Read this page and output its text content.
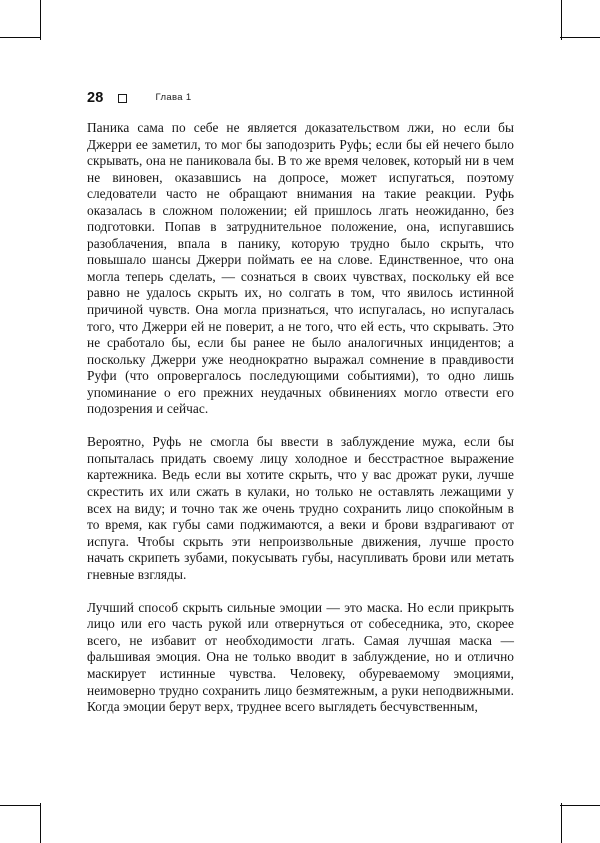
28	Глава 1

Паника сама по себе не является доказательством лжи, но если бы Джерри ее заметил, то мог бы заподозрить Руфь; если бы ей нечего было скрывать, она не паниковала бы. В то же время человек, который ни в чем не виновен, оказавшись на допросе, может испугаться, поэтому следователи часто не обращают внимания на такие реакции. Руфь оказалась в сложном положении; ей пришлось лгать неожиданно, без подготовки. Попав в затруднительное положение, она, испугавшись разоблачения, впала в панику, которую трудно было скрыть, что повышало шансы Джерри поймать ее на слове. Единственное, что она могла теперь сделать, — сознаться в своих чувствах, поскольку ей все равно не удалось скрыть их, но солгать в том, что явилось истинной причиной чувств. Она могла признаться, что испугалась, но испугалась того, что Джерри ей не поверит, а не того, что ей есть, что скрывать. Это не сработало бы, если бы ранее не было аналогичных инцидентов; а поскольку Джерри уже неоднократно выражал сомнение в правдивости Руфи (что опровергалось последующими событиями), то одно лишь упоминание о его прежних неудачных обвинениях могло отвести его подозрения и сейчас.

Вероятно, Руфь не смогла бы ввести в заблуждение мужа, если бы попыталась придать своему лицу холодное и бесстрастное выражение картежника. Ведь если вы хотите скрыть, что у вас дрожат руки, лучше скрестить их или сжать в кулаки, но только не оставлять лежащими у всех на виду; и точно так же очень трудно сохранить лицо спокойным в то время, как губы сами поджимаются, а веки и брови вздрагивают от испуга. Чтобы скрыть эти непроизвольные движения, лучше просто начать скрипеть зубами, покусывать губы, насупливать брови или метать гневные взгляды.

Лучший способ скрыть сильные эмоции — это маска. Но если прикрыть лицо или его часть рукой или отвернуться от собеседника, это, скорее всего, не избавит от необходимости лгать. Самая лучшая маска — фальшивая эмоция. Она не только вводит в заблуждение, но и отлично маскирует истинные чувства. Человеку, обуреваемому эмоциями, неимоверно трудно сохранить лицо безмятежным, а руки неподвижными. Когда эмоции берут верх, труднее всего выглядеть бесчувственным,
